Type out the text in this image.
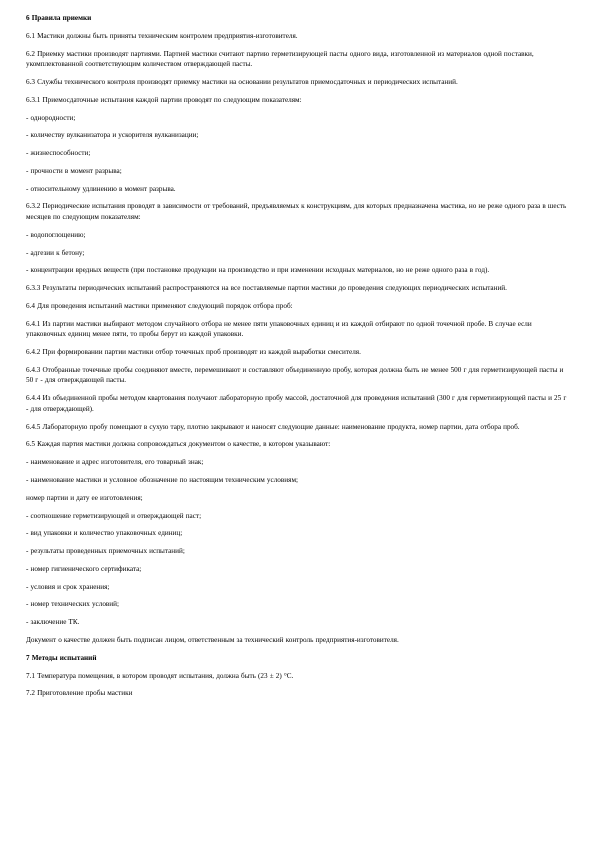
6 Правила приемки

6.1 Мастики должны быть приняты техническим контролем предприятия-изготовителя.

6.2 Приемку мастики производят партиями. Партией мастики считают партию герметизирующей пасты одного вида, изготовленной из материалов одной поставки, укомплектованной соответствующим количеством отверждающей пасты.

6.3 Службы технического контроля производят приемку мастики на основании результатов приемосдаточных и периодических испытаний.

6.3.1 Приемосдаточные испытания каждой партии проводят по следующим показателям:

- однородности;

- количеству вулканизатора и ускорителя вулканизации;

- жизнеспособности;

- прочности в момент разрыва;

- относительному удлинению в момент разрыва.

6.3.2 Периодические испытания проводят в зависимости от требований, предъявляемых к конструкциям, для которых предназначена мастика, но не реже одного раза в шесть месяцев по следующим показателям:

- водопоглощению;

- адгезии к бетону;

- концентрации вредных веществ (при постановке продукции на производство и при изменении исходных материалов, но не реже одного раза в год).

6.3.3 Результаты периодических испытаний распространяются на все поставляемые партии мастики до проведения следующих периодических испытаний.

6.4 Для проведения испытаний мастики применяют следующий порядок отбора проб:

6.4.1 Из партии мастики выбирают методом случайного отбора не менее пяти упаковочных единиц и из каждой отбирают по одной точечной пробе. В случае если упаковочных единиц менее пяти, то пробы берут из каждой упаковки.

6.4.2 При формировании партии мастики отбор точечных проб производят из каждой выработки смесителя.

6.4.3 Отобранные точечные пробы соединяют вместе, перемешивают и составляют объединенную пробу, которая должна быть не менее 500 г для герметизирующей пасты и 50 г - для отверждающей пасты.

6.4.4 Из объединенной пробы методом квартования получают лабораторную пробу массой, достаточной для проведения испытаний (300 г для герметизирующей пасты и 25 г - для отверждающей).

6.4.5 Лабораторную пробу помещают в сухую тару, плотно закрывают и наносят следующие данные: наименование продукта, номер партии, дата отбора проб.

6.5 Каждая партия мастики должна сопровождаться документом о качестве, в котором указывают:

- наименование и адрес изготовителя, его товарный знак;

- наименование мастики и условное обозначение по настоящим техническим условиям;

номер партии и дату ее изготовления;

- соотношение герметизирующей и отверждающей паст;

- вид упаковки и количество упаковочных единиц;

- результаты проведенных приемочных испытаний;

- номер гигиенического сертификата;

- условия и срок хранения;

- номер технических условий;

- заключение ТК.

Документ о качестве должен быть подписан лицом, ответственным за технический контроль предприятия-изготовителя.

7 Методы испытаний

7.1 Температура помещения, в котором проводят испытания, должна быть (23 ± 2) °С.

7.2 Приготовление пробы мастики
